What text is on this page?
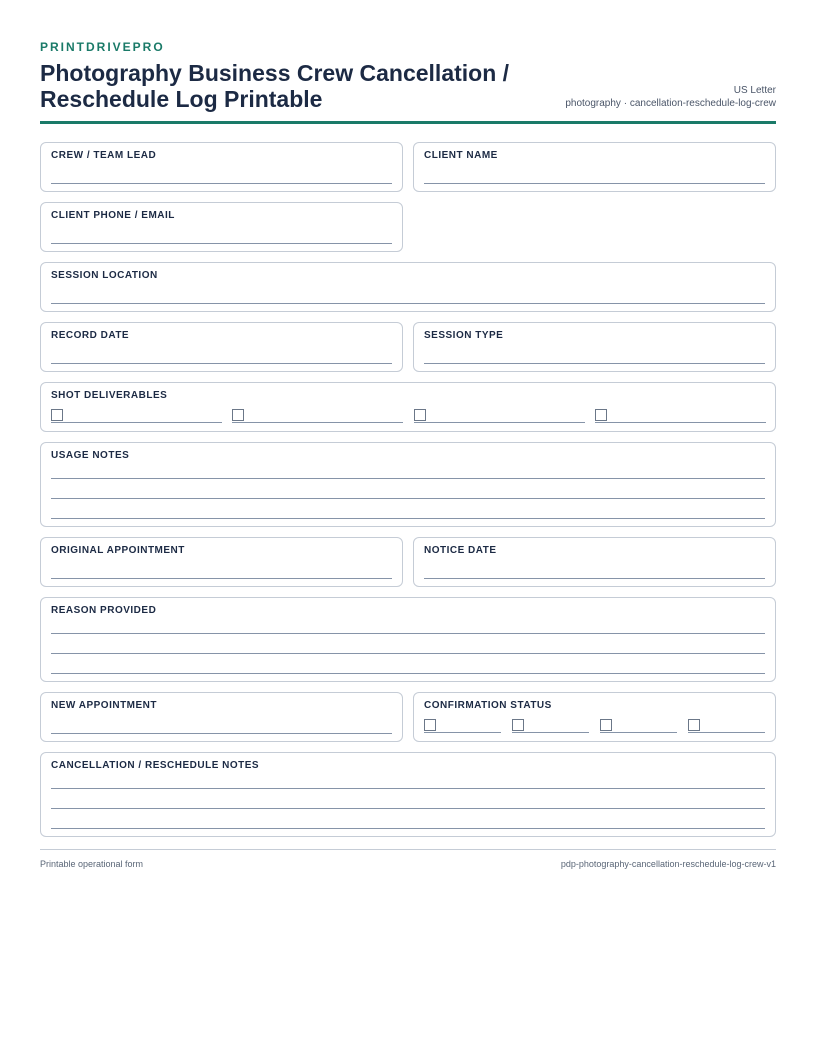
PRINTDRIVEPRO
Photography Business Crew Cancellation / Reschedule Log Printable	US Letter
photography · cancellation-reschedule-log-crew
CREW / TEAM LEAD	CLIENT NAME
CLIENT PHONE / EMAIL
SESSION LOCATION
RECORD DATE	SESSION TYPE
SHOT DELIVERABLES
USAGE NOTES
ORIGINAL APPOINTMENT	NOTICE DATE
REASON PROVIDED
NEW APPOINTMENT	CONFIRMATION STATUS
CANCELLATION / RESCHEDULE NOTES
Printable operational form	pdp-photography-cancellation-reschedule-log-crew-v1
